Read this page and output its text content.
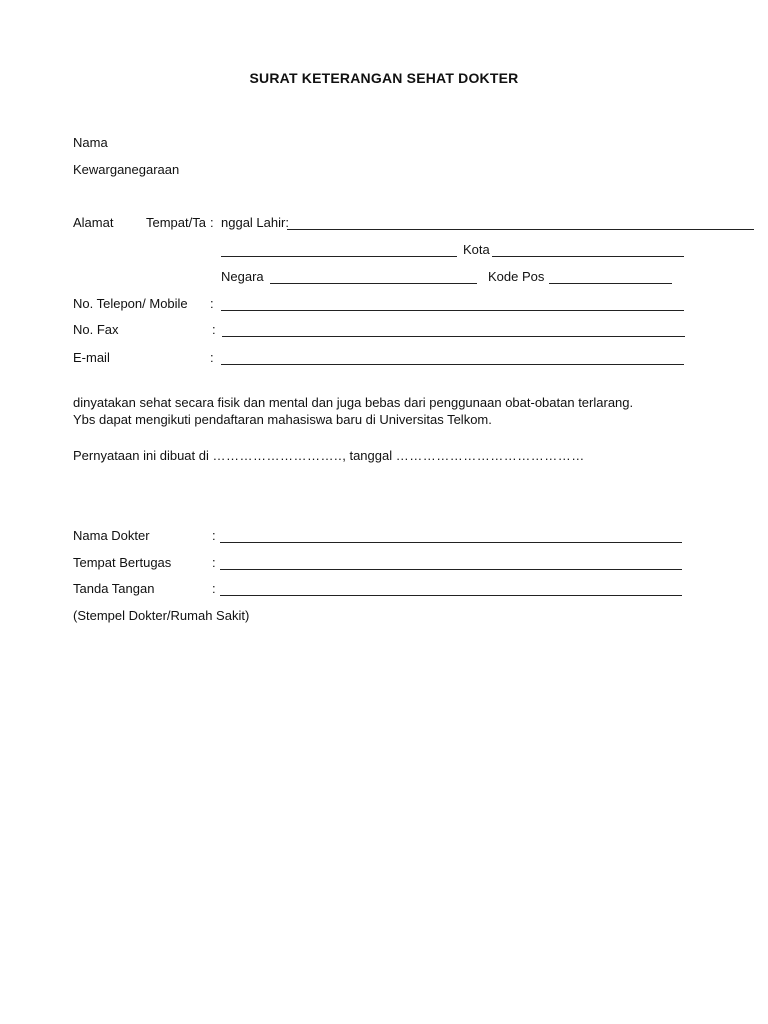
SURAT KETERANGAN SEHAT DOKTER
Nama
Kewarganegaraan
Alamat	Tempat/Ta : nggal Lahir:
Kota
Negara	Kode Pos
No. Telepon/ Mobile :
No. Fax	:
E-mail	:
dinyatakan sehat secara fisik dan mental dan juga bebas dari penggunaan obat-obatan terlarang.
Ybs dapat mengikuti pendaftaran mahasiswa baru di Universitas Telkom.
Pernyataan ini dibuat di ……………………….., tanggal ……………………………………
Nama Dokter	:
Tempat Bertugas	:
Tanda Tangan	:
(Stempel Dokter/Rumah Sakit)
